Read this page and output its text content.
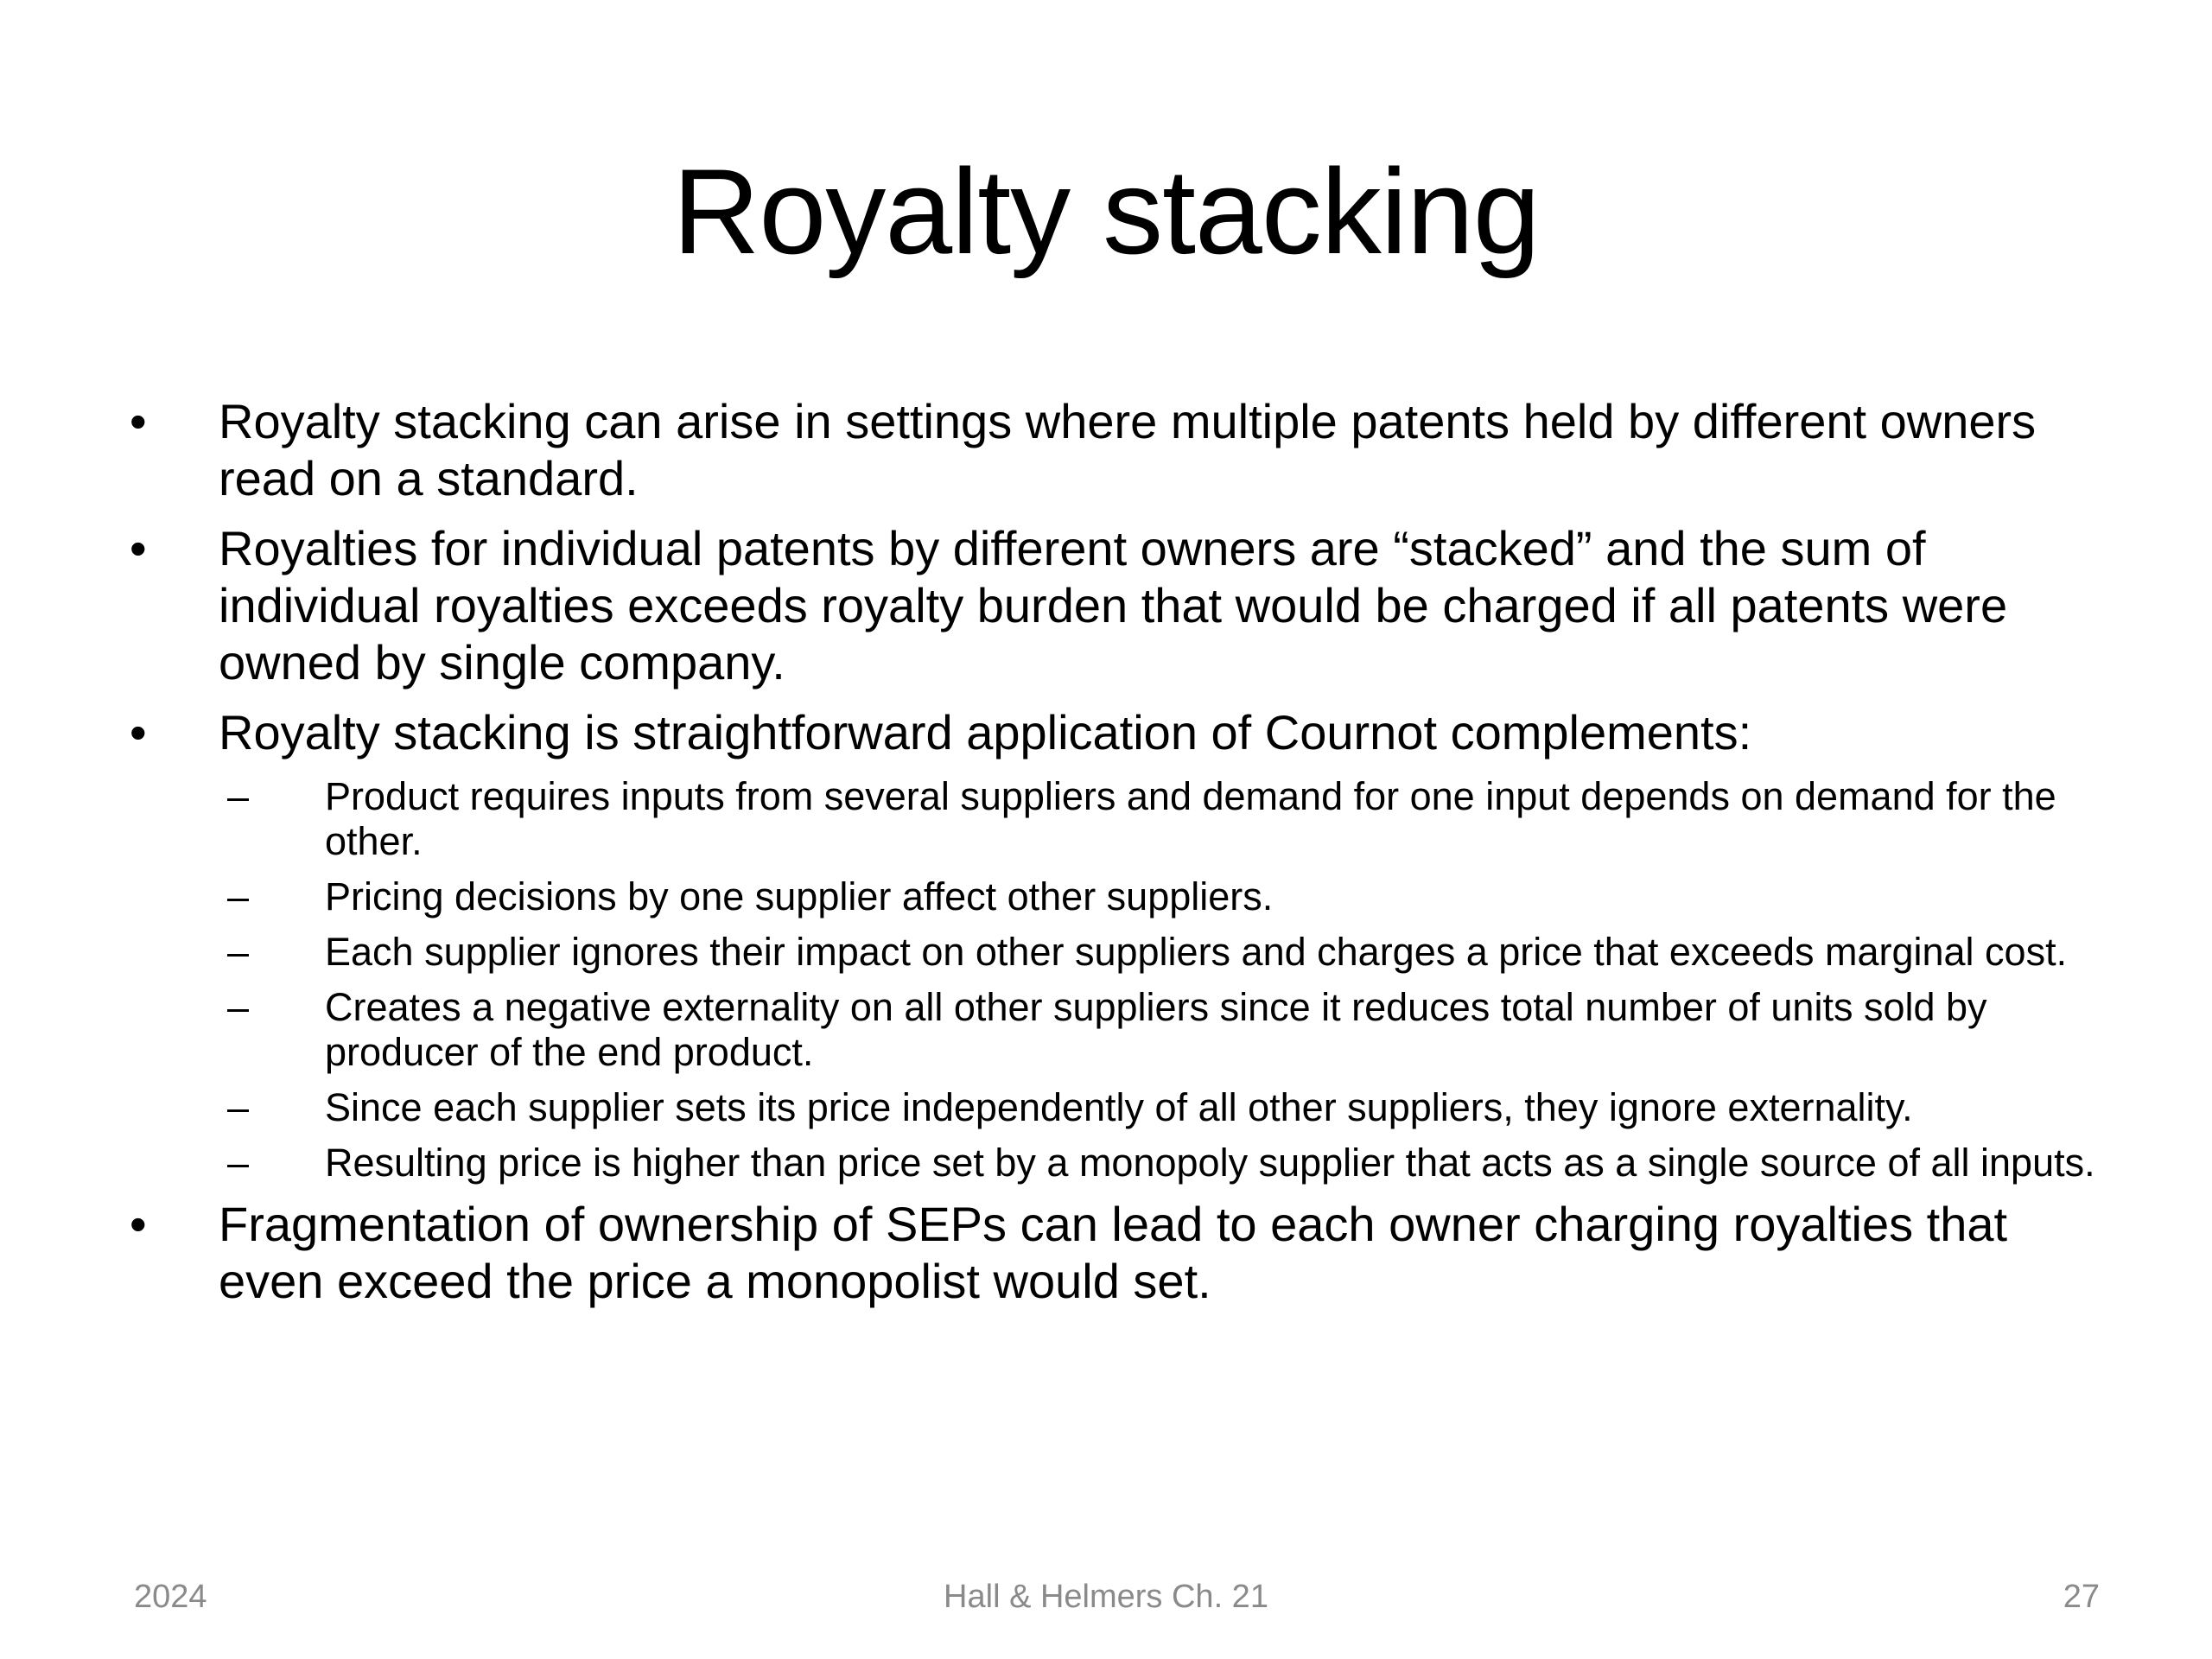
Royalty stacking
•	Royalty stacking can arise in settings where multiple patents held by different owners read on a standard.
•	Royalties for individual patents by different owners are “stacked” and the sum of individual royalties exceeds royalty burden that would be charged if all patents were owned by single company.
•	Royalty stacking is straightforward application of Cournot complements:
–	Product requires inputs from several suppliers and demand for one input depends on demand for the other.
–	Pricing decisions by one supplier affect other suppliers.
–	Each supplier ignores their impact on other suppliers and charges a price that exceeds marginal cost.
–	Creates a negative externality on all other suppliers since it reduces total number of units sold by producer of the end product.
–	Since each supplier sets its price independently of all other suppliers, they ignore externality.
–	Resulting price is higher than price set by a monopoly supplier that acts as a single source of all inputs.
•	Fragmentation of ownership of SEPs can lead to each owner charging royalties that even exceed the price a monopolist would set.
2024	Hall & Helmers Ch. 21	27
